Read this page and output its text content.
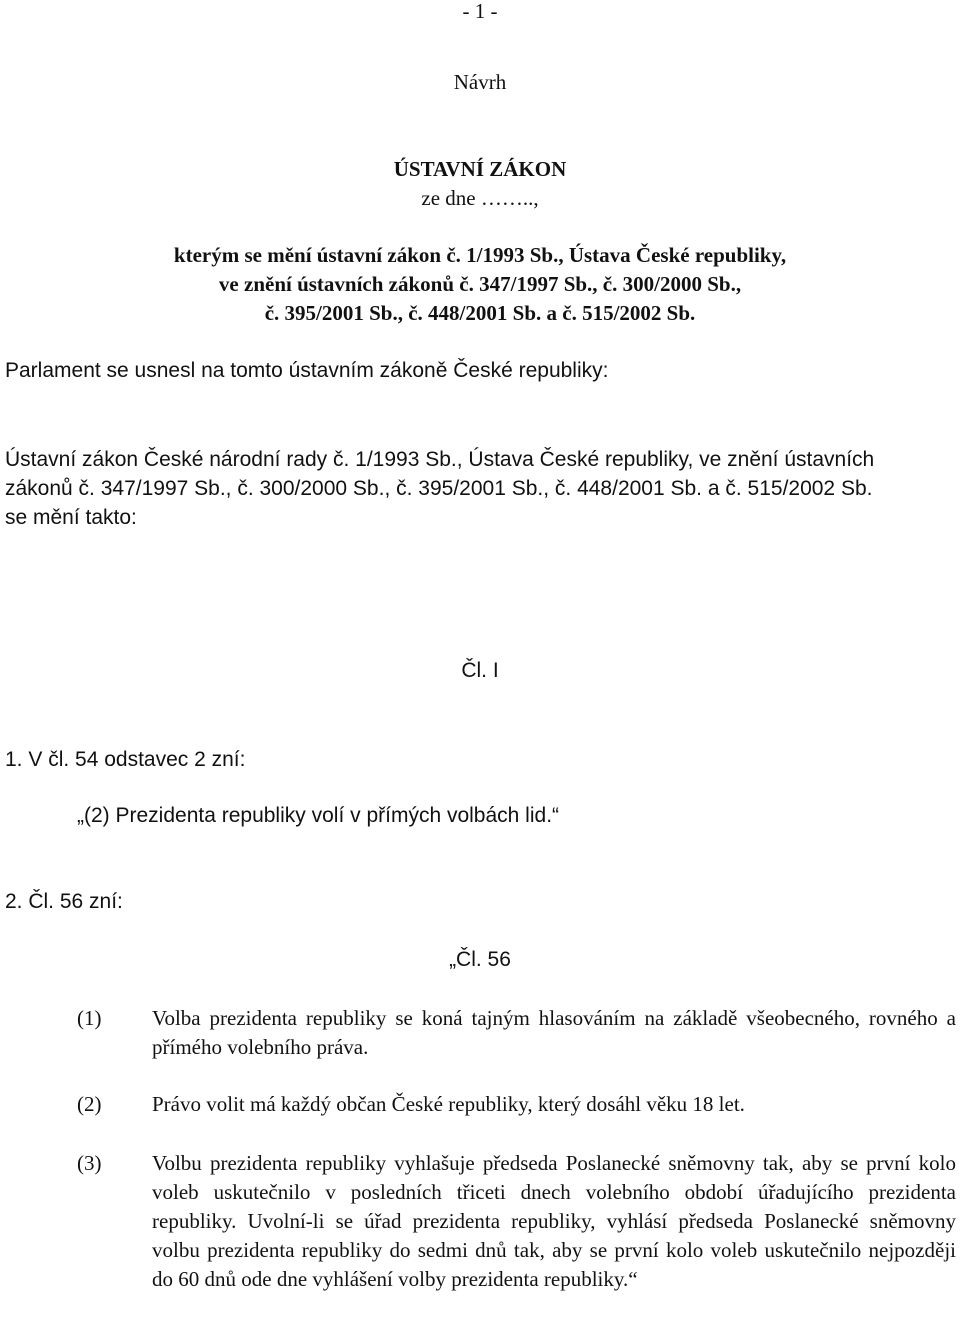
- 1 -
Návrh
ÚSTAVNÍ ZÁKON
ze dne ……..,
kterým se mění ústavní zákon č. 1/1993 Sb., Ústava České republiky,
ve znění ústavních zákonů č. 347/1997 Sb., č. 300/2000 Sb.,
č. 395/2001 Sb., č. 448/2001 Sb. a č. 515/2002 Sb.
Parlament se usnesl na tomto ústavním zákoně České republiky:
Ústavní zákon České národní rady č. 1/1993 Sb., Ústava České republiky, ve znění ústavních
zákonů č. 347/1997 Sb., č. 300/2000 Sb., č. 395/2001 Sb., č. 448/2001 Sb. a č. 515/2002 Sb.
se mění takto:
Čl. I
1. V čl. 54 odstavec 2 zní:
„(2) Prezidenta republiky volí v přímých volbách lid.“
2. Čl. 56 zní:
„Čl. 56
(1) Volba prezidenta republiky se koná tajným hlasováním na základě všeobecného, rovného a přímého volebního práva.
(2) Právo volit má každý občan České republiky, který dosáhl věku 18 let.
(3) Volbu prezidenta republiky vyhlašuje předseda Poslanecké sněmovny tak, aby se první kolo voleb uskutečnilo v posledních třiceti dnech volebního období úřadujícího prezidenta republiky. Uvolní-li se úřad prezidenta republiky, vyhlásí předseda Poslanecké sněmovny volbu prezidenta republiky do sedmi dnů tak, aby se první kolo voleb uskutečnilo nejpozději do 60 dnů ode dne vyhlášení volby prezidenta republiky.“
